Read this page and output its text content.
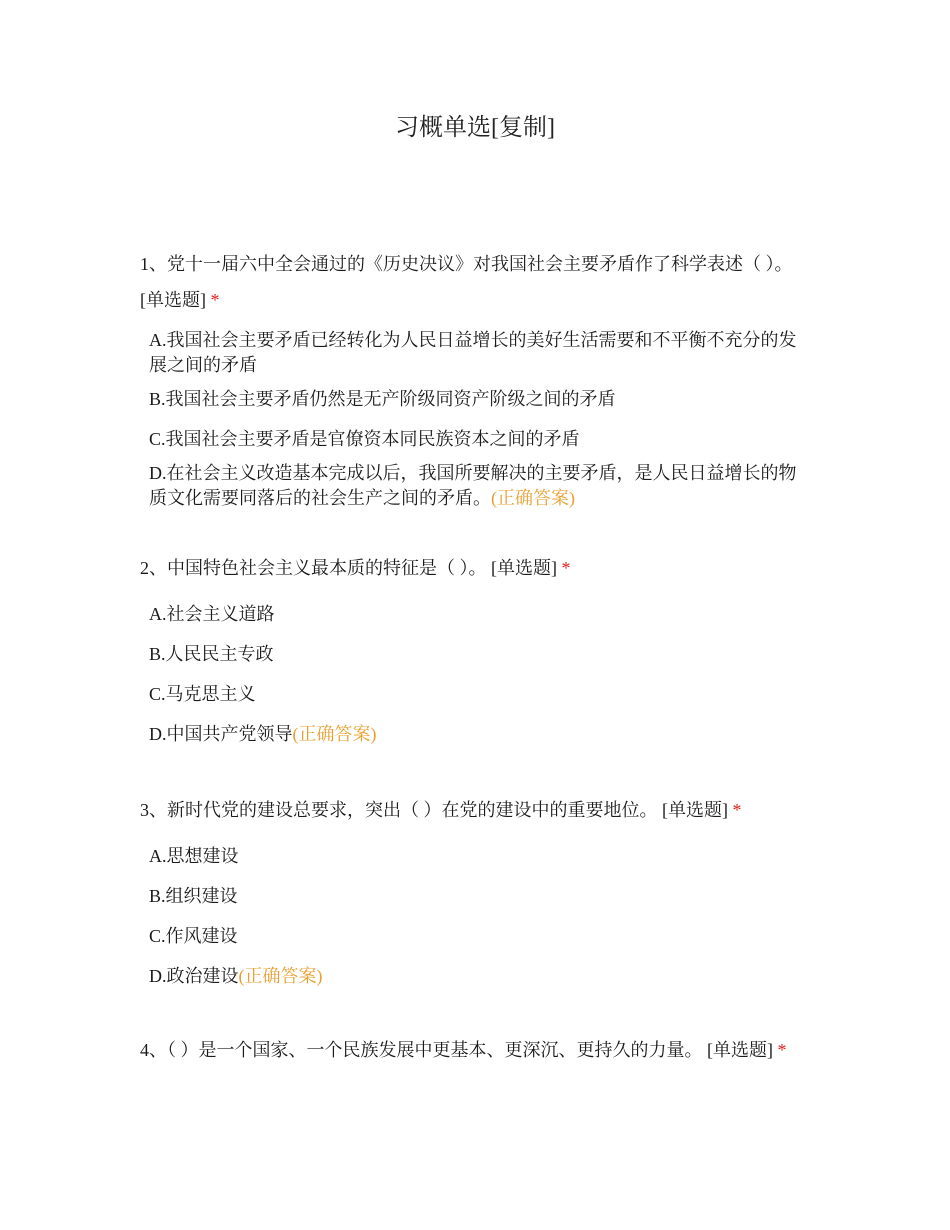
习概单选[复制]
1、党十一届六中全会通过的《历史决议》对我国社会主要矛盾作了科学表述（ ）。 [单选题] *
A.我国社会主要矛盾已经转化为人民日益增长的美好生活需要和不平衡不充分的发展之间的矛盾
B.我国社会主要矛盾仍然是无产阶级同资产阶级之间的矛盾
C.我国社会主要矛盾是官僚资本同民族资本之间的矛盾
D.在社会主义改造基本完成以后，我国所要解决的主要矛盾，是人民日益增长的物质文化需要同落后的社会生产之间的矛盾。(正确答案)
2、中国特色社会主义最本质的特征是（ ）。 [单选题] *
A.社会主义道路
B.人民民主专政
C.马克思主义
D.中国共产党领导(正确答案)
3、新时代党的建设总要求，突出（ ）在党的建设中的重要地位。 [单选题] *
A.思想建设
B.组织建设
C.作风建设
D.政治建设(正确答案)
4、（ ）是一个国家、一个民族发展中更基本、更深沉、更持久的力量。 [单选题] *
